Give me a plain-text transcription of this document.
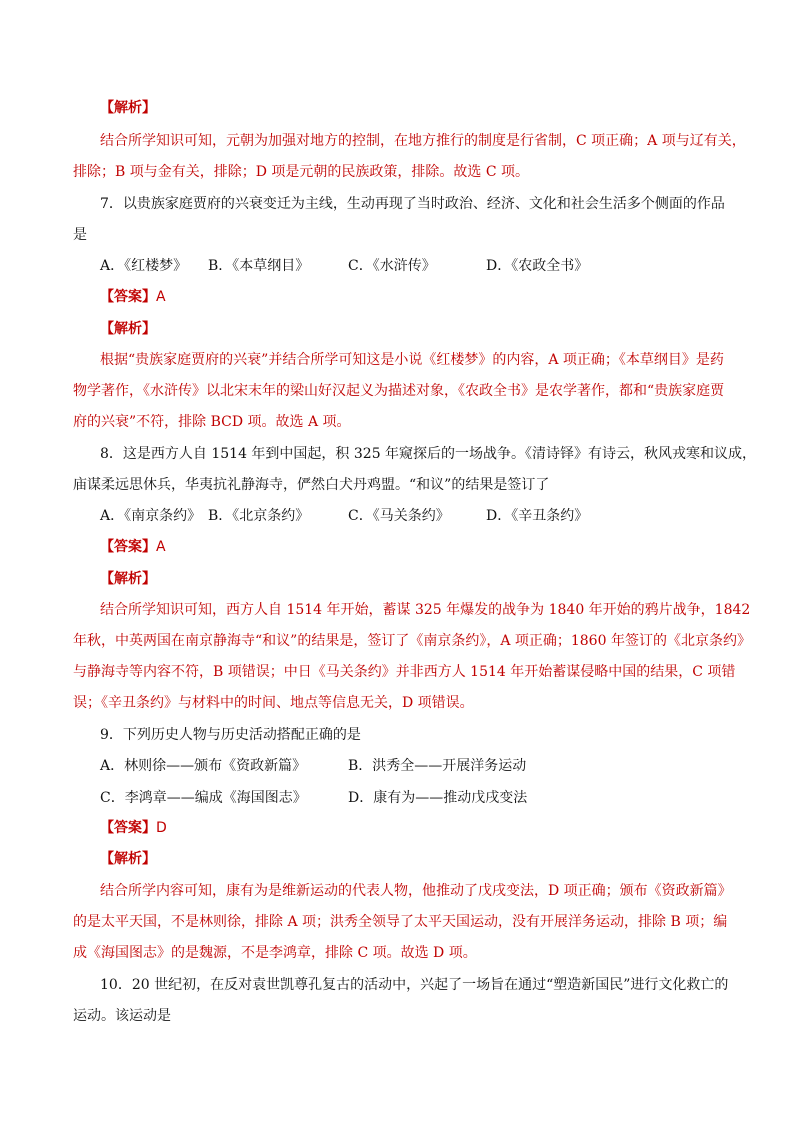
【解析】
结合所学知识可知，元朝为加强对地方的控制，在地方推行的制度是行省制，C 项正确；A 项与辽有关，
排除；B 项与金有关，排除；D 项是元朝的民族政策，排除。故选 C 项。
7．以贵族家庭贾府的兴衰变迁为主线，生动再现了当时政治、经济、文化和社会生活多个侧面的作品
是
A．《红楼梦》 B．《本草纲目》	C．《水浒传》	D．《农政全书》
【答案】A
【解析】
根据“贵族家庭贾府的兴衰”并结合所学可知这是小说《红楼梦》的内容，A 项正确；《本草纲目》是药
物学著作，《水浒传》以北宋末年的梁山好汉起义为描述对象，《农政全书》是农学著作，都和“贵族家庭贾
府的兴衰”不符，排除 BCD 项。故选 A 项。
8．这是西方人自 1514 年到中国起，积 325 年窥探后的一场战争。《清诗铎》有诗云，秋风戎寒和议成，
庙谋柔远思休兵，华夷抗礼静海寺，俨然白犬丹鸡盟。“和议”的结果是签订了
A．《南京条约》 B．《北京条约》	C．《马关条约》	D．《辛丑条约》
【答案】A
【解析】
结合所学知识可知，西方人自 1514 年开始，蓄谋 325 年爆发的战争为 1840 年开始的鸦片战争，1842
年秋，中英两国在南京静海寺“和议”的结果是，签订了《南京条约》，A 项正确；1860 年签订的《北京条约》
与静海寺等内容不符，B 项错误；中日《马关条约》并非西方人 1514 年开始蓄谋侵略中国的结果，C 项错
误；《辛丑条约》与材料中的时间、地点等信息无关，D 项错误。
9．下列历史人物与历史活动搭配正确的是
A．林则徐——颁布《资政新篇》	B．洪秀全——开展洋务运动
C．李鸿章——编成《海国图志》	D．康有为——推动戊戌变法
【答案】D
【解析】
结合所学内容可知，康有为是维新运动的代表人物，他推动了戊戌变法，D 项正确；颁布《资政新篇》
的是太平天国，不是林则徐，排除 A 项；洪秀全领导了太平天国运动，没有开展洋务运动，排除 B 项；编
成《海国图志》的是魏源，不是李鸿章，排除 C 项。故选 D 项。
10．20 世纪初，在反对袁世凯尊孔复古的活动中，兴起了一场旨在通过“塑造新国民”进行文化救亡的
运动。该运动是
